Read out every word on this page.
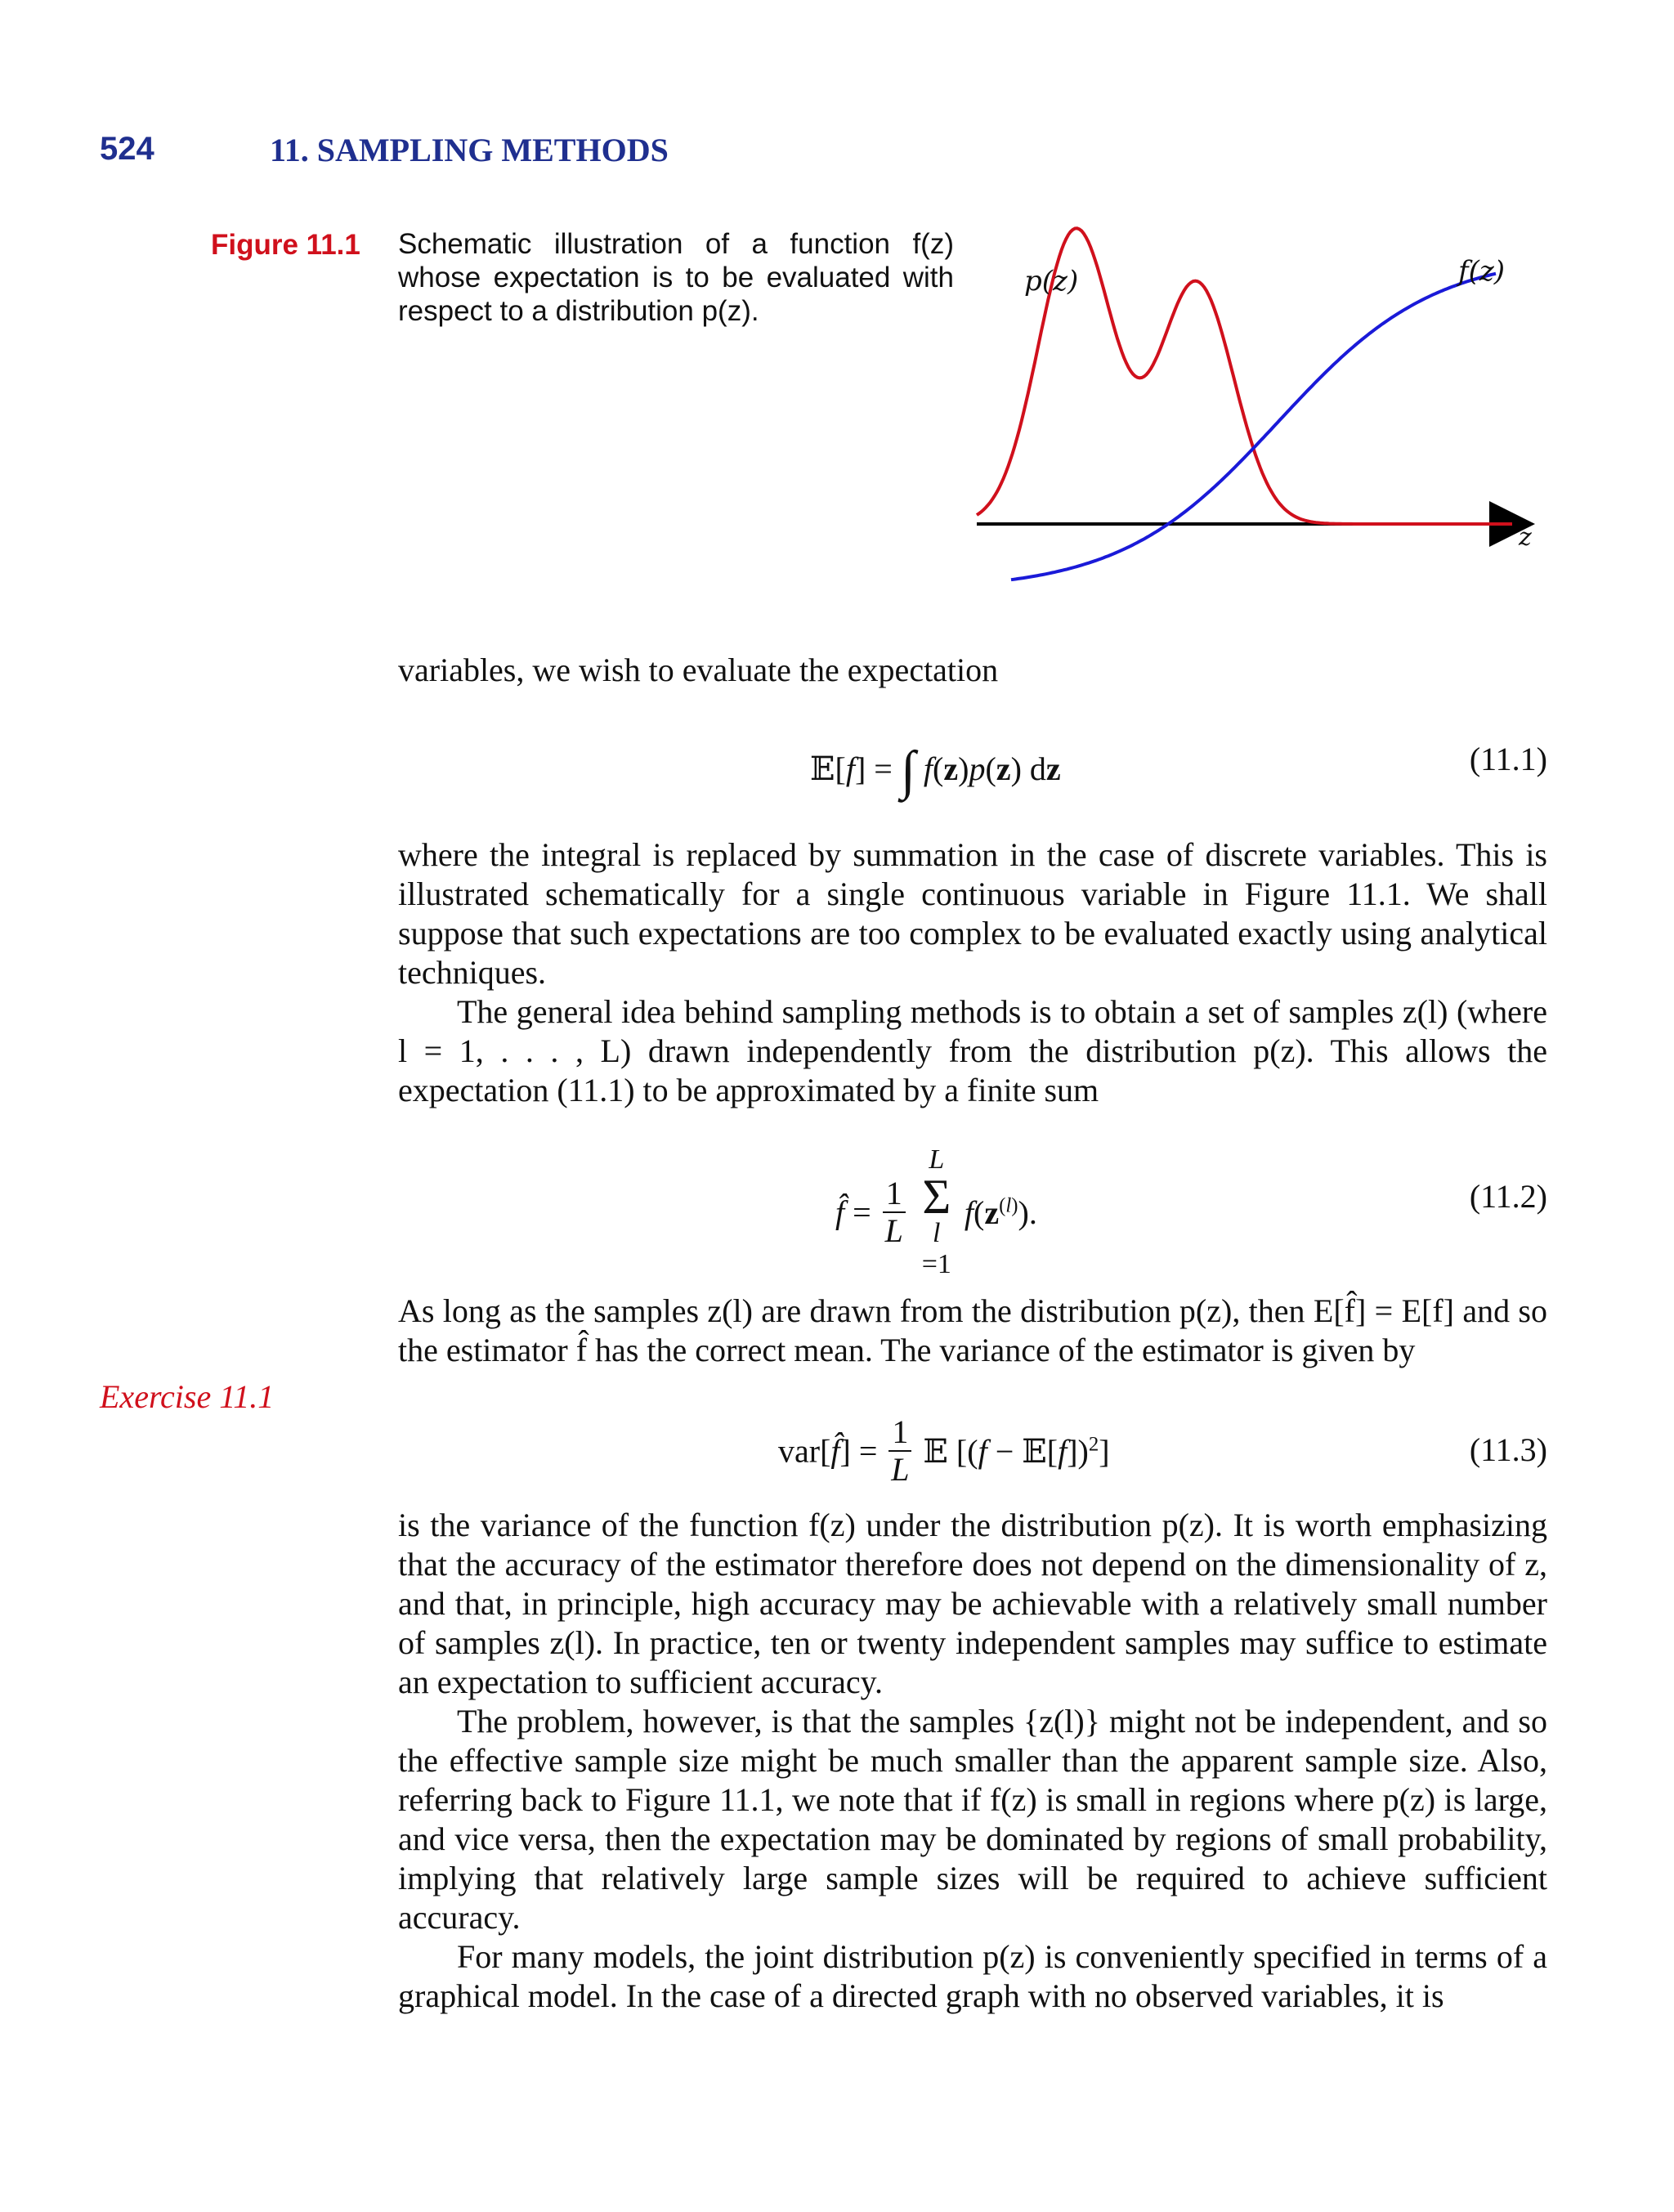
524	11. SAMPLING METHODS
Figure 11.1 Schematic illustration of a function f(z) whose expectation is to be evaluated with respect to a distribution p(z).
p(z)	f(z)
z
variables, we wish to evaluate the expectation
𝔼[f] = ∫ f(z)p(z) dz	(11.1)
where the integral is replaced by summation in the case of discrete variables. This is illustrated schematically for a single continuous variable in Figure 11.1. We shall suppose that such expectations are too complex to be evaluated exactly using analytical techniques.
The general idea behind sampling methods is to obtain a set of samples z(l) (where l = 1, . . . , L) drawn independently from the distribution p(z). This allows the expectation (11.1) to be approximated by a finite sum
f̂ = $\frac{1}{L}$

L
Σ
l
=1
$f(z^{(l)})$.	(11.2)
As long as the samples z(l) are drawn from the distribution p(z), then E[f̂] = E[f] and so the estimator f̂ has the correct mean. The variance of the estimator is given by
Exercise 11.1
var[f̂] = $\frac{1}{L}$ 𝔼 [(f − 𝔼[f])$^2$]	(11.3)
is the variance of the function f(z) under the distribution p(z). It is worth emphasizing that the accuracy of the estimator therefore does not depend on the dimensionality of z, and that, in principle, high accuracy may be achievable with a relatively small number of samples z(l). In practice, ten or twenty independent samples may suffice to estimate an expectation to sufficient accuracy.
The problem, however, is that the samples {z(l)} might not be independent, and so the effective sample size might be much smaller than the apparent sample size. Also, referring back to Figure 11.1, we note that if f(z) is small in regions where p(z) is large, and vice versa, then the expectation may be dominated by regions of small probability, implying that relatively large sample sizes will be required to achieve sufficient accuracy.
For many models, the joint distribution p(z) is conveniently specified in terms of a graphical model. In the case of a directed graph with no observed variables, it is
